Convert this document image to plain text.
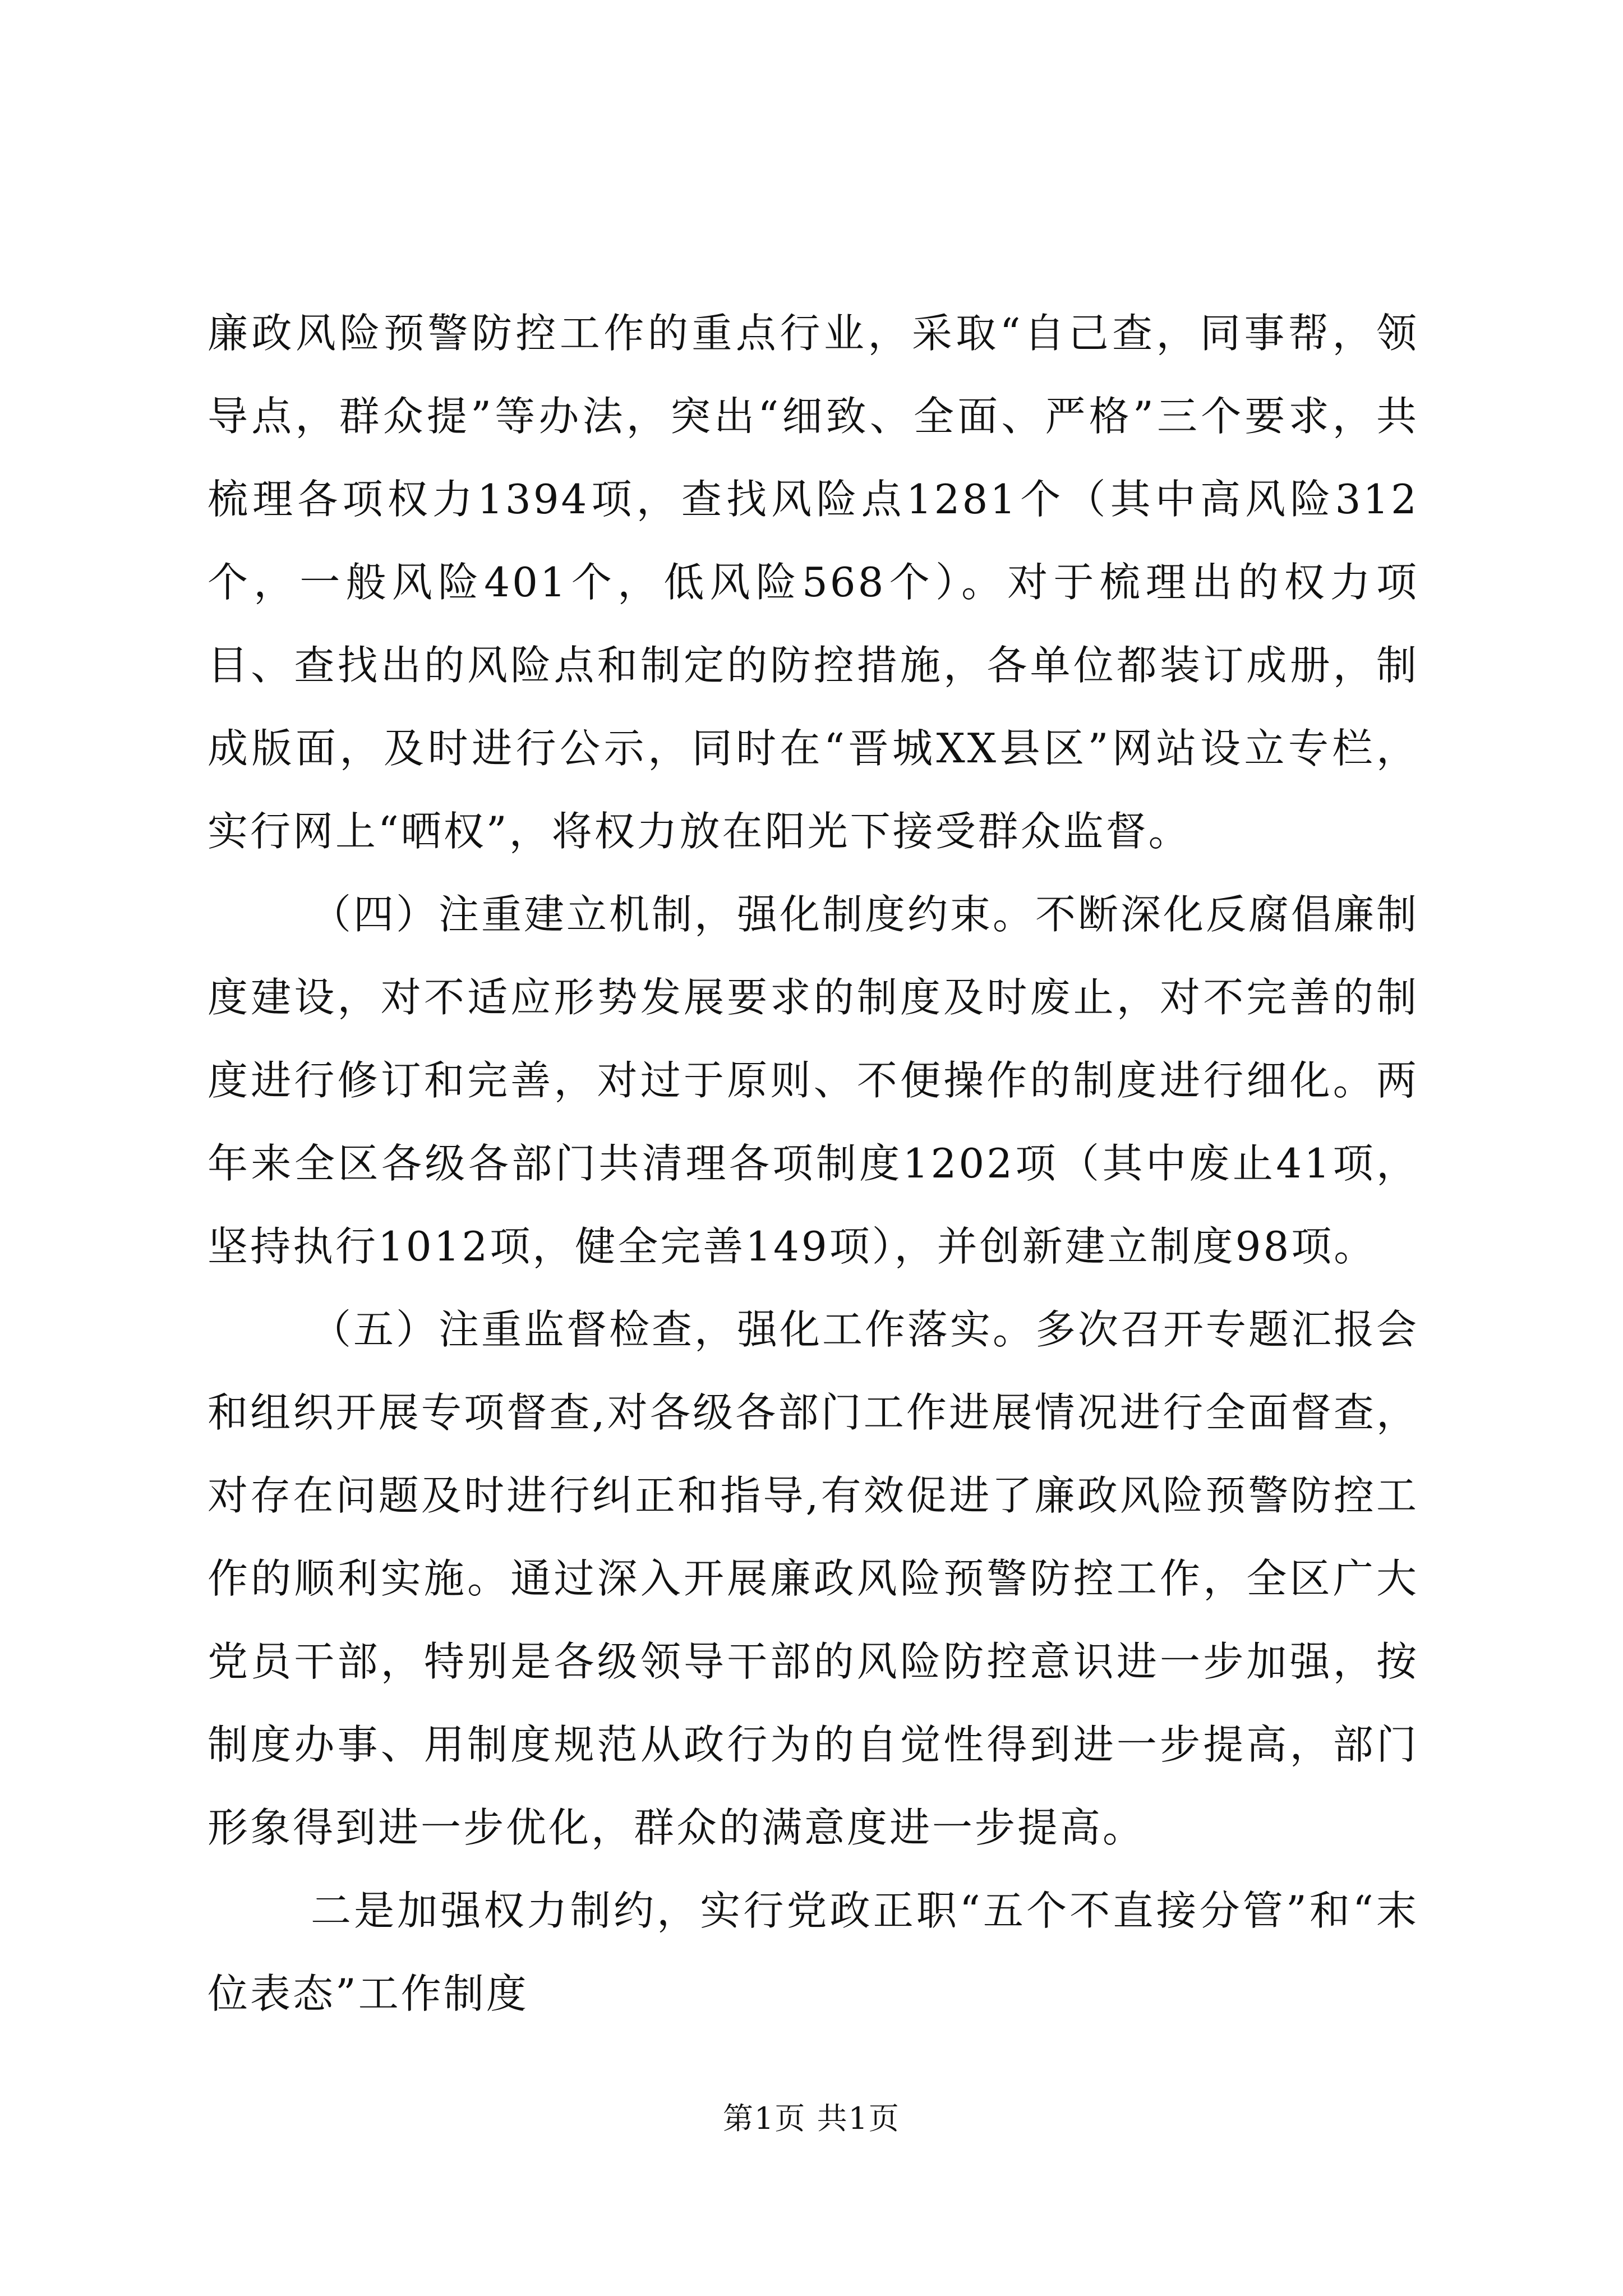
廉政风险预警防控工作的重点行业，采取“自己查，同事帮，领导点，群众提”等办法，突出“细致、全面、严格”三个要求，共梳理各项权力1394项，查找风险点1281个（其中高风险312个，一般风险401个，低风险568个）。对于梳理出的权力项目、查找出的风险点和制定的防控措施，各单位都装订成册，制成版面，及时进行公示，同时在“晋城XX县区”网站设立专栏，实行网上“晒权”，将权力放在阳光下接受群众监督。

（四）注重建立机制，强化制度约束。不断深化反腐倡廉制度建设，对不适应形势发展要求的制度及时废止，对不完善的制度进行修订和完善，对过于原则、不便操作的制度进行细化。两年来全区各级各部门共清理各项制度1202项（其中废止41项，坚持执行1012项，健全完善149项），并创新建立制度98项。

（五）注重监督检查，强化工作落实。多次召开专题汇报会和组织开展专项督查,对各级各部门工作进展情况进行全面督查，对存在问题及时进行纠正和指导,有效促进了廉政风险预警防控工作的顺利实施。通过深入开展廉政风险预警防控工作，全区广大党员干部，特别是各级领导干部的风险防控意识进一步加强，按制度办事、用制度规范从政行为的自觉性得到进一步提高，部门形象得到进一步优化，群众的满意度进一步提高。

二是加强权力制约，实行党政正职“五个不直接分管”和“末位表态”工作制度

第1页 共1页
